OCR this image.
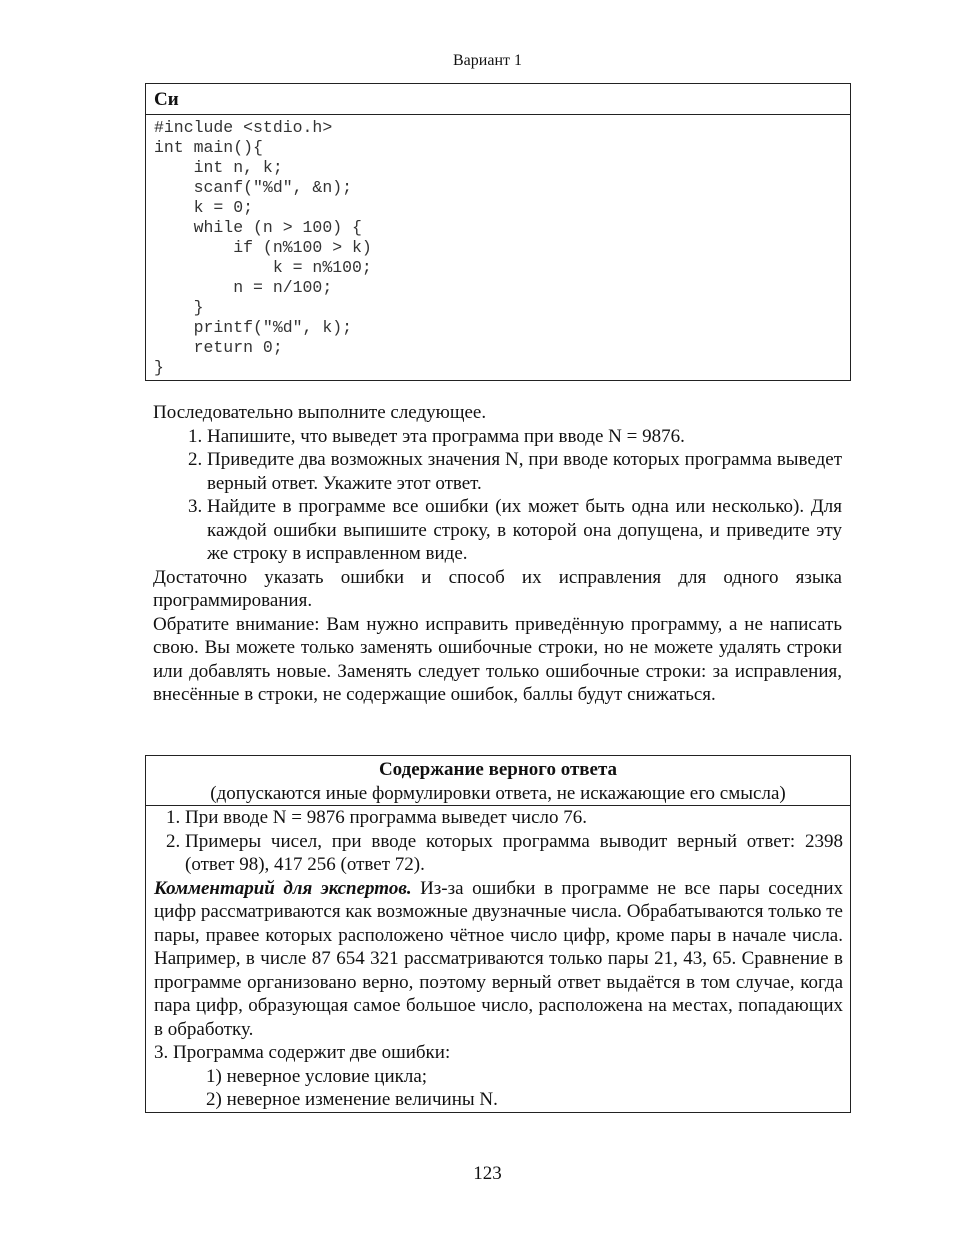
Вариант 1
Си
#include <stdio.h>
int main(){
int n, k;
scanf("%d", &n);
k = 0;
while (n > 100) {
if (n%100 > k)
k = n%100;
n = n/100;
}
printf("%d", k);
return 0;
}

Последовательно выполните следующее.

1. Напишите, что выведет эта программа при вводе N = 9876.
2. Приведите два возможных значения N, при вводе которых программа выведет верный ответ. Укажите этот ответ.
3. Найдите в программе все ошибки (их может быть одна или несколько). Для каждой ошибки выпишите строку, в которой она допущена, и приведите эту же строку в исправленном виде.

Достаточно указать ошибки и способ их исправления для одного языка программирования.

Обратите внимание: Вам нужно исправить приведённую программу, а не написать свою. Вы можете только заменять ошибочные строки, но не можете удалять строки или добавлять новые. Заменять следует только ошибочные строки: за исправления, внесённые в строки, не содержащие ошибок, баллы будут снижаться.

Содержание верного ответа
(допускаются иные формулировки ответа, не искажающие его смысла)
1. При вводе N = 9876 программа выведет число 76.
2. Примеры чисел, при вводе которых программа выводит верный ответ: 2398 (ответ 98), 417 256 (ответ 72).

Комментарий для экспертов. Из-за ошибки в программе не все пары соседних цифр рассматриваются как возможные двузначные числа. Обрабатываются только те пары, правее которых расположено чётное число цифр, кроме пары в начале числа. Например, в числе 87 654 321 рассматриваются только пары 21, 43, 65. Сравнение в программе организовано верно, поэтому верный ответ выдаётся в том случае, когда пара цифр, образующая самое большое число, расположена на местах, попадающих в обработку.

3. Программа содержит две ошибки:

1) неверное условие цикла;

2) неверное изменение величины N.

123
